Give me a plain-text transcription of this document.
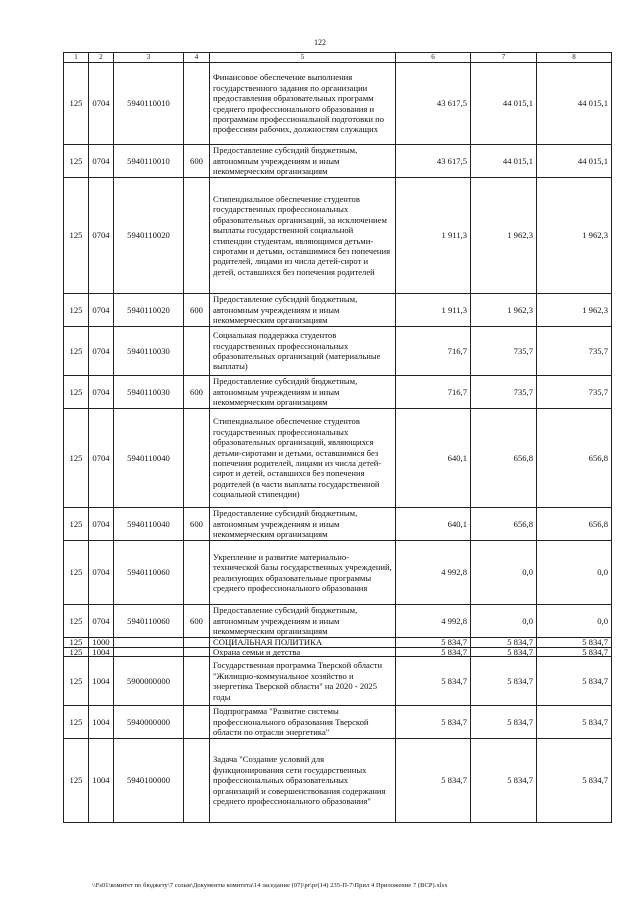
122
1	2	3	4	5	6	7	8
125	0704	5940110010		Финансовое обеспечение выполнения государственного задания по организации предоставления образовательных программ среднего профессионального образования и программам профессиональной подготовки по профессиям рабочих, должностям служащих	43 617,5	44 015,1	44 015,1
125	0704	5940110010	600	Предоставление субсидий бюджетным, автономным учреждениям и иным некоммерческим организациям	43 617,5	44 015,1	44 015,1
125	0704	5940110020		Стипендиальное обеспечение студентов государственных профессиональных образовательных организаций, за исключением выплаты государственной социальной стипендии студентам, являющимся детьми-сиротами и детьми, оставшимися без попечения родителей, лицами из числа детей-сирот и детей, оставшихся без попечения родителей	1 911,3	1 962,3	1 962,3
125	0704	5940110020	600	Предоставление субсидий бюджетным, автономным учреждениям и иным некоммерческим организациям	1 911,3	1 962,3	1 962,3
125	0704	5940110030		Социальная поддержка студентов государственных профессиональных образовательных организаций (материальные выплаты)	716,7	735,7	735,7
125	0704	5940110030	600	Предоставление субсидий бюджетным, автономным учреждениям и иным некоммерческим организациям	716,7	735,7	735,7
125	0704	5940110040		Стипендиальное обеспечение студентов государственных профессиональных образовательных организаций, являющихся детьми-сиротами и детьми, оставшимися без попечения родителей, лицами из числа детей-сирот и детей, оставшихся без попечения родителей (в части выплаты государственной социальной стипендии)	640,1	656,8	656,8
125	0704	5940110040	600	Предоставление субсидий бюджетным, автономным учреждениям и иным некоммерческим организациям	640,1	656,8	656,8
125	0704	5940110060		Укрепление и развитие материально-технической базы государственных учреждений, реализующих образовательные программы среднего профессионального образования	4 992,8	0,0	0,0
125	0704	5940110060	600	Предоставление субсидий бюджетным, автономным учреждениям и иным некоммерческим организациям	4 992,8	0,0	0,0
125	1000			СОЦИАЛЬНАЯ ПОЛИТИКА	5 834,7	5 834,7	5 834,7
125	1004			Охрана семьи и детства	5 834,7	5 834,7	5 834,7
125	1004	5900000000		Государственная программа Тверской области "Жилищно-коммунальное хозяйство и энергетика Тверской области" на 2020 - 2025 годы	5 834,7	5 834,7	5 834,7
125	1004	5940000000		Подпрограмма "Развитие системы профессионального образования Тверской области по отрасли энергетика"	5 834,7	5 834,7	5 834,7
125	1004	5940100000		Задача "Создание условий для функционирования сети государственных профессиональных образовательных организаций и совершенствования содержания среднего профессионального образования"	5 834,7	5 834,7	5 834,7
\\Fs01\комитет по бюджету\7 созыв\Документы комитета\14 заседание (07)\pr\pr(14) 235-П-7\Прил 4 Приложение 7 (ВСР).xlsx
